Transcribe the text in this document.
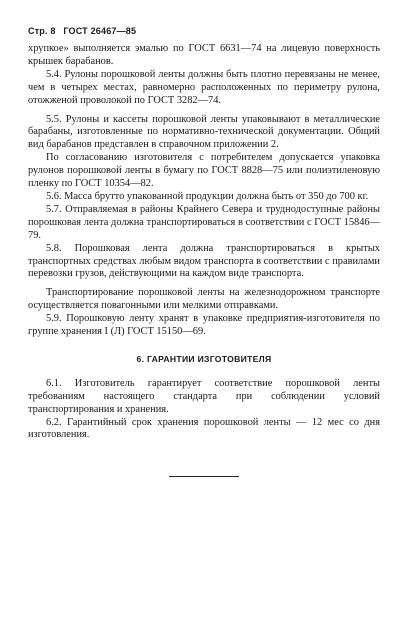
Стр. 8 ГОСТ 26467—85

хрупкое» выполняется эмалью по ГОСТ 6631—74 на лицевую поверхность крышек барабанов.

5.4. Рулоны порошковой ленты должны быть плотно перевязаны не менее, чем в четырех местах, равномерно расположенных по периметру рулона, отожженой проволокой по ГОСТ 3282—74.

5.5. Рулоны и кассеты порошковой ленты упаковывают в металлические барабаны, изготовленные по нормативно-технической документации. Общий вид барабанов представлен в справочном приложении 2.

По согласованию изготовителя с потребителем допускается упаковка рулонов порошковой ленты в бумагу по ГОСТ 8828—75 или полиэтиленовую пленку по ГОСТ 10354—82.

5.6. Масса брутто упакованной продукции должна быть от 350 до 700 кг.

5.7. Отправляемая в районы Крайнего Севера и труднодоступные районы порошковая лента должна транспортироваться в соответствии с ГОСТ 15846—79.

5.8. Порошковая лента должна транспортироваться в крытых транспортных средствах любым видом транспорта в соответствии с правилами перевозки грузов, действующими на каждом виде транспорта.

Транспортирование порошковой ленты на железнодорожном транспорте осуществляется повагонными или мелкими отправками.

5.9. Порошковую ленту хранят в упаковке предприятия-изготовителя по группе хранения I (Л) ГОСТ 15150—69.

6. ГАРАНТИИ ИЗГОТОВИТЕЛЯ

6.1. Изготовитель гарантирует соответствие порошковой ленты требованиям настоящего стандарта при соблюдении условий транспортирования и хранения.

6.2. Гарантийный срок хранения порошковой ленты — 12 мес со дня изготовления.
